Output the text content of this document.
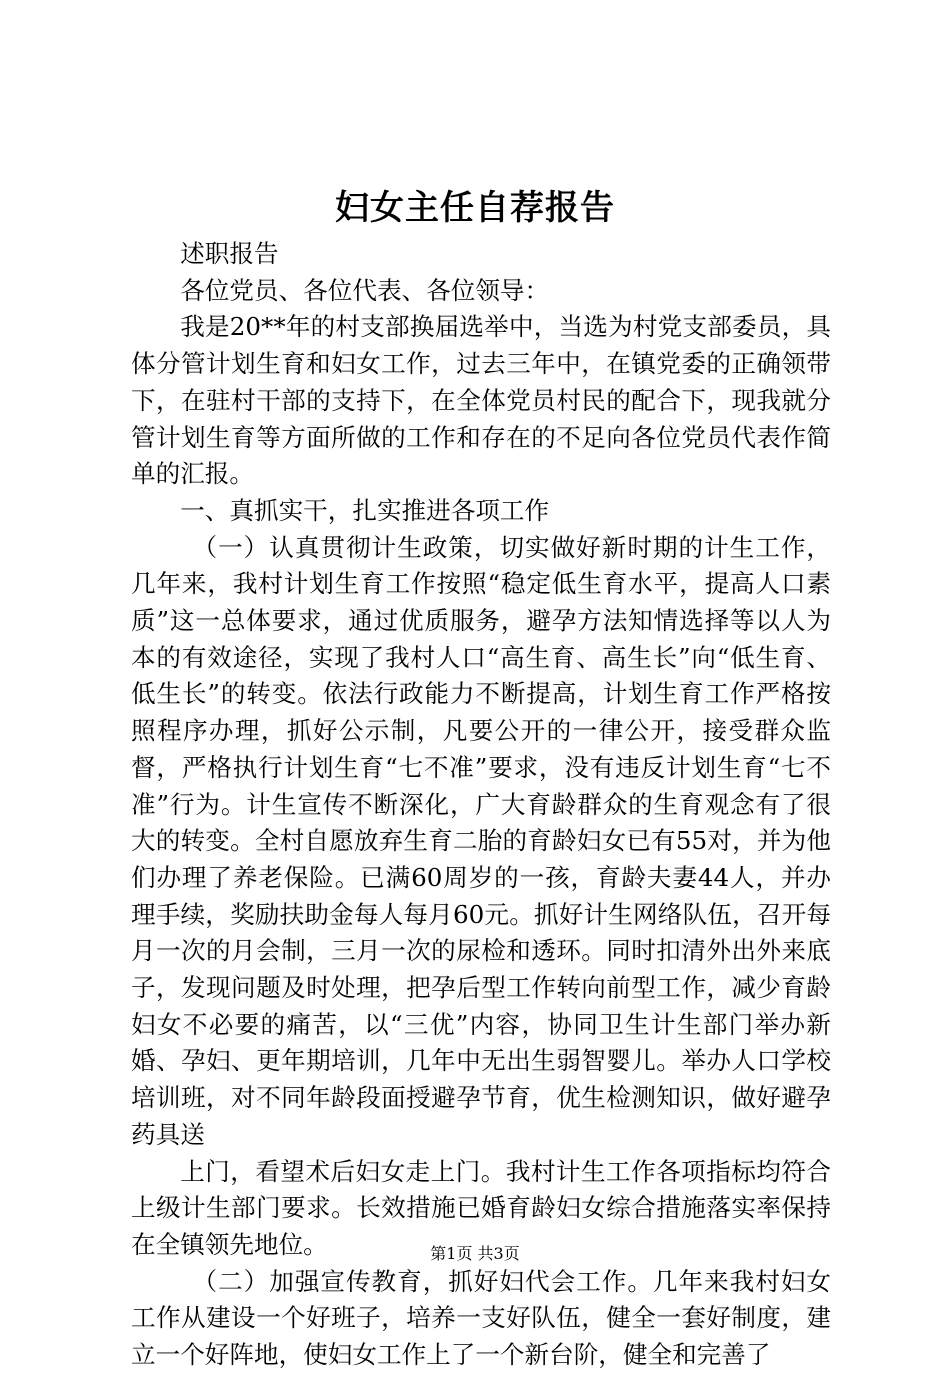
妇女主任自荐报告

述职报告

各位党员、各位代表、各位领导：

我是20**年的村支部换届选举中，当选为村党支部委员，具体分管计划生育和妇女工作，过去三年中，在镇党委的正确领带下，在驻村干部的支持下，在全体党员村民的配合下，现我就分管计划生育等方面所做的工作和存在的不足向各位党员代表作简单的汇报。

一、真抓实干，扎实推进各项工作

（一）认真贯彻计生政策，切实做好新时期的计生工作，几年来，我村计划生育工作按照“稳定低生育水平，提高人口素质”这一总体要求，通过优质服务，避孕方法知情选择等以人为本的有效途径，实现了我村人口“高生育、高生长”向“低生育、低生长”的转变。依法行政能力不断提高，计划生育工作严格按照程序办理，抓好公示制，凡要公开的一律公开，接受群众监督，严格执行计划生育“七不准”要求，没有违反计划生育“七不准”行为。计生宣传不断深化，广大育龄群众的生育观念有了很大的转变。全村自愿放弃生育二胎的育龄妇女已有55对，并为他们办理了养老保险。已满60周岁的一孩，育龄夫妻44人，并办理手续，奖励扶助金每人每月60元。抓好计生网络队伍，召开每月一次的月会制，三月一次的尿检和透环。同时扣清外出外来底子，发现问题及时处理，把孕后型工作转向前型工作，减少育龄妇女不必要的痛苦，以“三优”内容，协同卫生计生部门举办新婚、孕妇、更年期培训，几年中无出生弱智婴儿。举办人口学校培训班，对不同年龄段面授避孕节育，优生检测知识，做好避孕药具送

上门，看望术后妇女走上门。我村计生工作各项指标均符合上级计生部门要求。长效措施已婚育龄妇女综合措施落实率保持在全镇领先地位。

（二）加强宣传教育，抓好妇代会工作。几年来我村妇女工作从建设一个好班子，培养一支好队伍，健全一套好制度，建立一个好阵地，使妇女工作上了一个新台阶，健全和完善了

第1页 共3页
